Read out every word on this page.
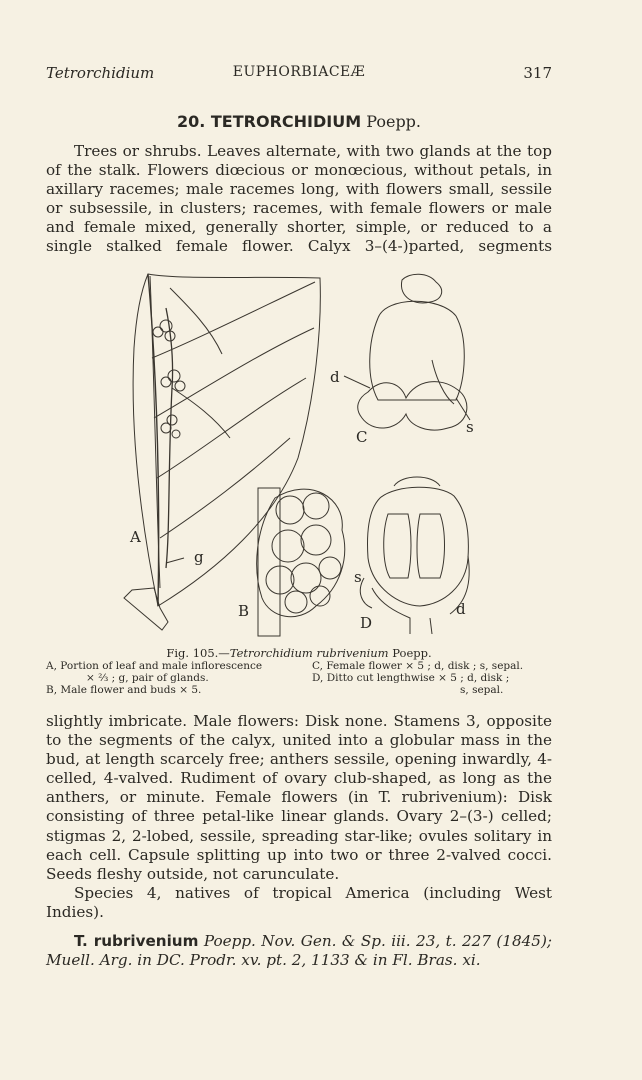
Tetrorchidium	EUPHORBIACEÆ	317
20. TETRORCHIDIUM Poepp.

Trees or shrubs. Leaves alternate, with two glands at the top of the stalk. Flowers diœcious or monœcious, without petals, in axillary racemes; male racemes long, with flowers small, sessile or subsessile, in clusters; racemes, with female flowers or male and female mixed, generally shorter, simple, or reduced to a single stalked female flower. Calyx 3–(4-)parted, segments

A
g
B
C
d
s
s
D
d
Fig. 105.—Tetrorchidium rubrivenium Poepp.
A, Portion of leaf and male inflorescence
× ⅔ ; g, pair of glands.
B, Male flower and buds × 5.
C, Female flower × 5 ; d, disk ; s, sepal.
D, Ditto cut lengthwise × 5 ; d, disk ;
s, sepal.

slightly imbricate. Male flowers: Disk none. Stamens 3, opposite to the segments of the calyx, united into a globular mass in the bud, at length scarcely free; anthers sessile, opening inwardly, 4-celled, 4-valved. Rudiment of ovary club-shaped, as long as the anthers, or minute. Female flowers (in T. rubrivenium): Disk consisting of three petal-like linear glands. Ovary 2–(3-) celled; stigmas 2, 2-lobed, sessile, spreading star-like; ovules solitary in each cell. Capsule splitting up into two or three 2-valved cocci. Seeds fleshy outside, not carunculate.

Species 4, natives of tropical America (including West Indies).

T. rubrivenium Poepp. Nov. Gen. & Sp. iii. 23, t. 227 (1845); Muell. Arg. in DC. Prodr. xv. pt. 2, 1133 & in Fl. Bras. xi.
